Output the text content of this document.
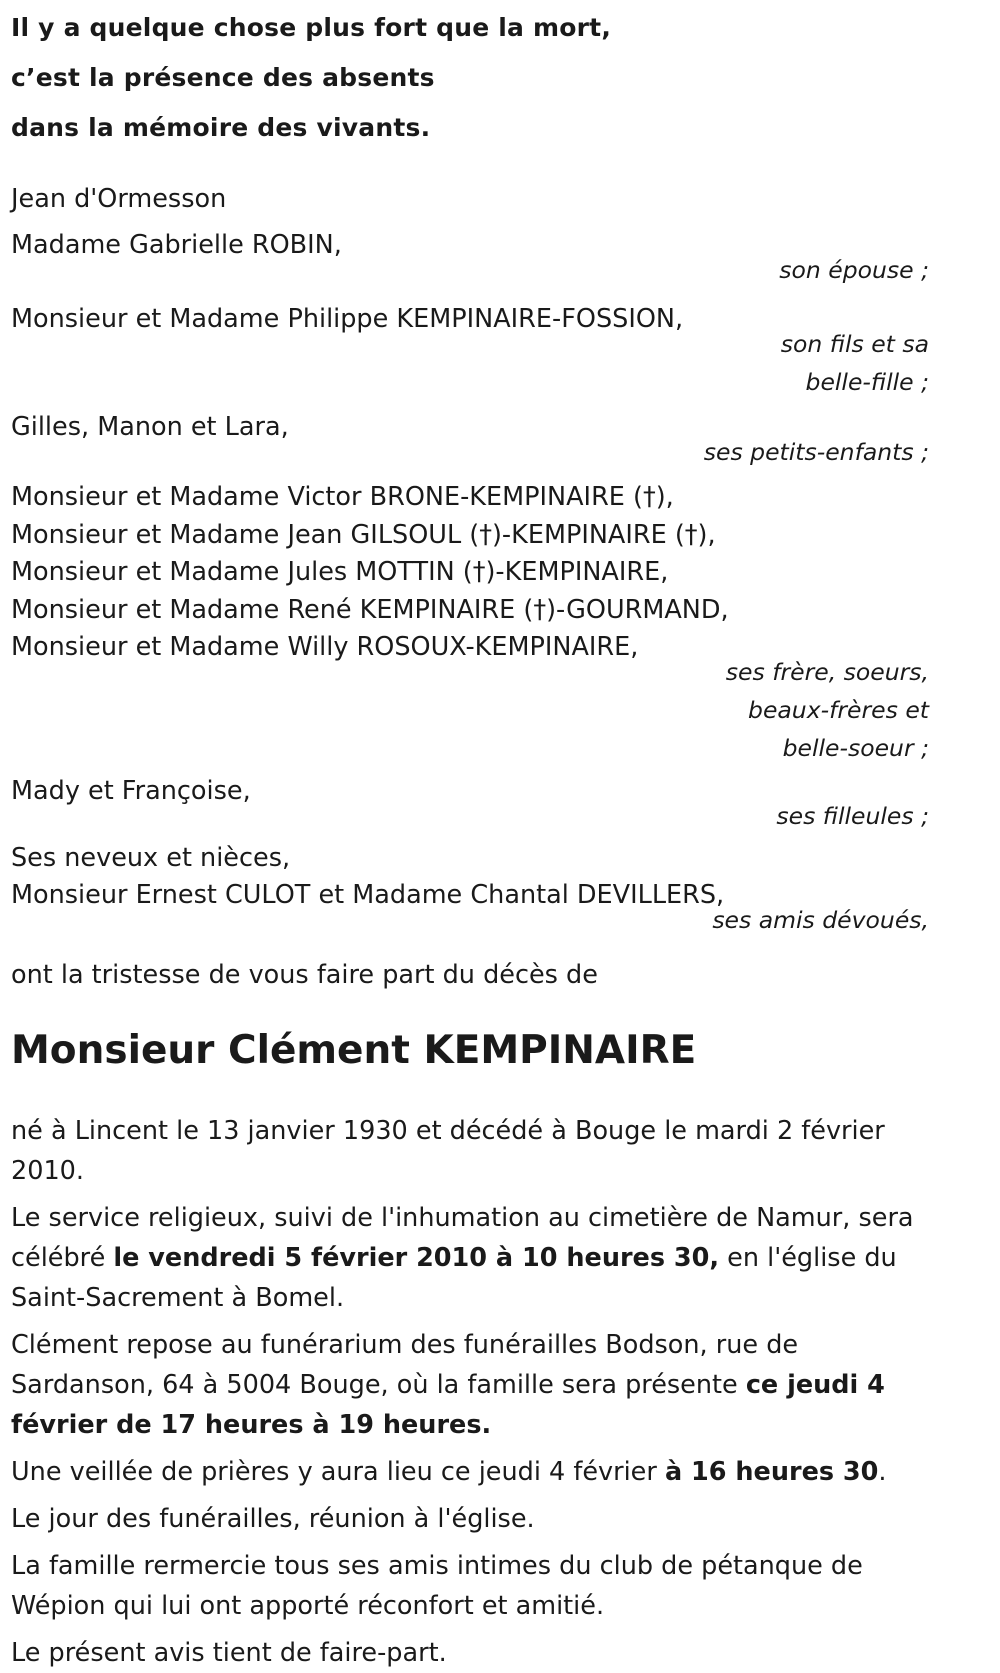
Il y a quelque chose plus fort que la mort,

c’est la présence des absents

dans la mémoire des vivants.

Jean d'Ormesson

Madame Gabrielle ROBIN,

son épouse ;

Monsieur et Madame Philippe KEMPINAIRE-FOSSION,

son fils et sa

belle-fille ;

Gilles, Manon et Lara,

ses petits-enfants ;

Monsieur et Madame Victor BRONE-KEMPINAIRE (†),

Monsieur et Madame Jean GILSOUL (†)-KEMPINAIRE (†),

Monsieur et Madame Jules MOTTIN (†)-KEMPINAIRE,

Monsieur et Madame René KEMPINAIRE (†)-GOURMAND,

Monsieur et Madame Willy ROSOUX-KEMPINAIRE,

ses frère, soeurs,

beaux-frères et

belle-soeur ;

Mady et Françoise,

ses filleules ;

Ses neveux et nièces,

Monsieur Ernest CULOT et Madame Chantal DEVILLERS,

ses amis dévoués,

ont la tristesse de vous faire part du décès de

Monsieur Clément KEMPINAIRE

né à Lincent le 13 janvier 1930 et décédé à Bouge le mardi 2 février 2010.

Le service religieux, suivi de l'inhumation au cimetière de Namur, sera célébré le vendredi 5 février 2010 à 10 heures 30, en l'église du Saint-Sacrement à Bomel.

Clément repose au funérarium des funérailles Bodson, rue de Sardanson, 64 à 5004 Bouge, où la famille sera présente ce jeudi 4 février de 17 heures à 19 heures.

Une veillée de prières y aura lieu ce jeudi 4 février à 16 heures 30.

Le jour des funérailles, réunion à l'église.

La famille rermercie tous ses amis intimes du club de pétanque de Wépion qui lui ont apporté réconfort et amitié.

Le présent avis tient de faire-part.
